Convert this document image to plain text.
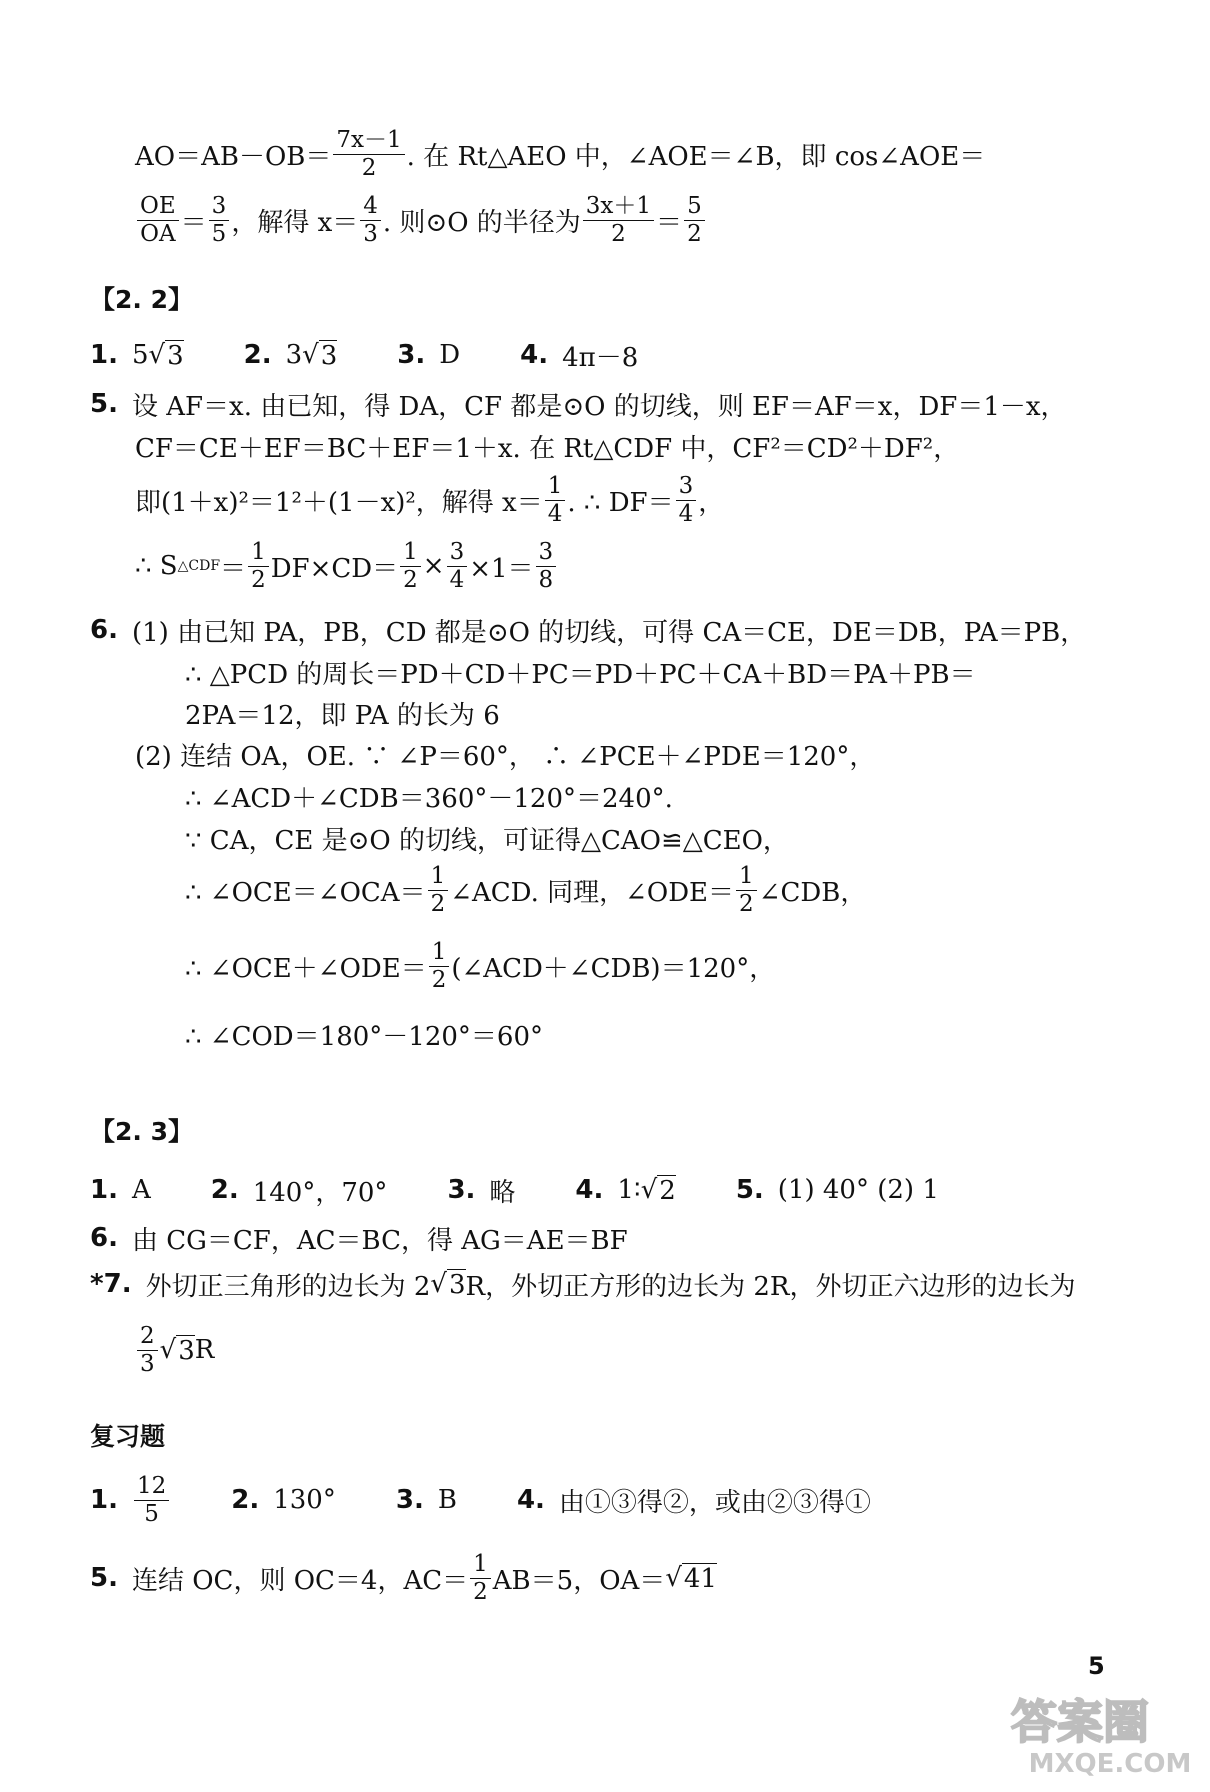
$AO=AB-OB= \frac{7x-1}{2}$ . 在 Rt△AEO 中，∠AOE＝∠B，即 cos∠AOE＝
$\frac{OE}{OA} = \frac{3}{5}$ ，解得 $x= \frac{4}{3}$ . 则⊙O 的半径为 $\frac{3x+1}{2} = \frac{5}{2}$
【2. 2】
1. 5 √ 3 2. 3 √ 3 3. D 4. 4π－8
5. 设 AF＝x. 由已知，得 DA，CF 都是⊙O 的切线，则 EF＝AF＝x，DF＝1－x，
CF＝CE＋EF＝BC＋EF＝1＋x. 在 Rt△CDF 中，CF²＝CD²＋DF²，
即(1＋x)²＝1²＋(1－x)²，解得 $x= \frac{1}{4}$ . ∴ $DF= \frac{3}{4}$ ，
∴ S △CDF ＝ $\frac{1}{2} DF\times CD= \frac{1}{2} \times \frac{3}{4} \times 1= \frac{3}{8}$
6. (1) 由已知 PA，PB，CD 都是⊙O 的切线，可得 CA＝CE，DE＝DB，PA＝PB，
∴ △PCD 的周长＝PD＋CD＋PC＝PD＋PC＋CA＋BD＝PA＋PB＝
2PA＝12，即 PA 的长为 6
(2) 连结 OA，OE. ∵ ∠P＝60°， ∴ ∠PCE＋∠PDE＝120°，
∴ ∠ACD＋∠CDB＝360°－120°＝240°.
∵ CA，CE 是⊙O 的切线，可证得△CAO≌△CEO，
∴ ∠OCE＝∠OCA＝ $\frac{1}{2}$ ∠ACD. 同理，∠ODE＝ $\frac{1}{2}$ ∠CDB，
∴ ∠OCE＋∠ODE＝ $\frac{1}{2}$ (∠ACD＋∠CDB)＝120°，
∴ ∠COD＝180°－120°＝60°
【2. 3】
1. A 2. 140°，70° 3. 略 4. 1∶ √ 2 5. (1) 40° (2) 1
6. 由 CG＝CF，AC＝BC，得 AG＝AE＝BF
*7. 外切正三角形的边长为 2 √ 3 R，外切正方形的边长为 2R，外切正六边形的边长为
$\frac{2}{3}$ √ 3 R
复习题
1. $\frac{12}{5} 2$. 130° 3. B 4. 由①③得②，或由②③得①
5. 连结 OC，则 OC＝4，$AC= \frac{1}{2} AB=5$，OA＝ √ 41
5
答案圈
MXQE.COM
